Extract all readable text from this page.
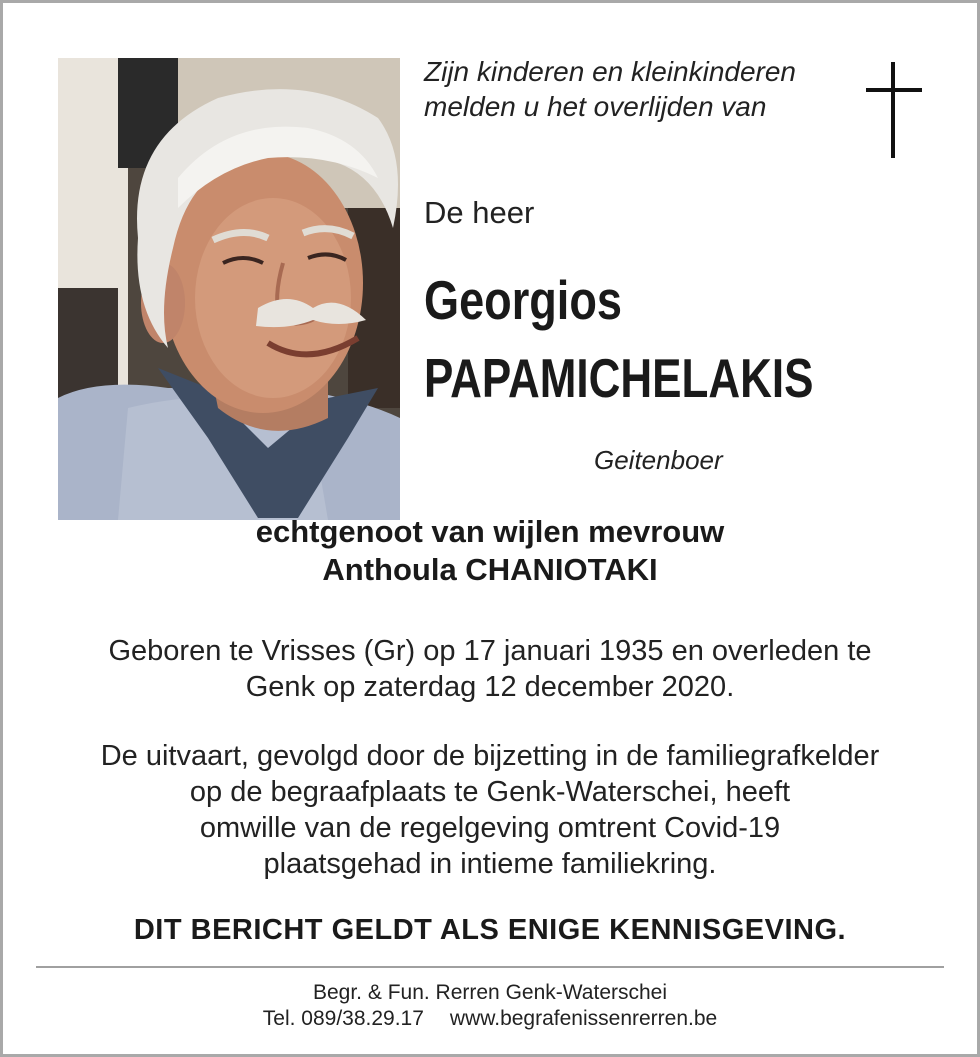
Zijn kinderen en kleinkinderen
melden u het overlijden van
De heer
Georgios
PAPAMICHELAKIS
Geitenboer
echtgenoot van wijlen mevrouw
Anthoula CHANIOTAKI
Geboren te Vrisses (Gr) op 17 januari 1935 en overleden te
Genk op zaterdag 12 december 2020.
De uitvaart, gevolgd door de bijzetting in de familiegrafkelder
op de begraafplaats te Genk-Waterschei, heeft
omwille van de regelgeving omtrent Covid-19
plaatsgehad in intieme familiekring.
DIT BERICHT GELDT ALS ENIGE KENNISGEVING.
Begr. & Fun. Rerren Genk-Waterschei
Tel. 089/38.29.17 www.begrafenissenrerren.be
